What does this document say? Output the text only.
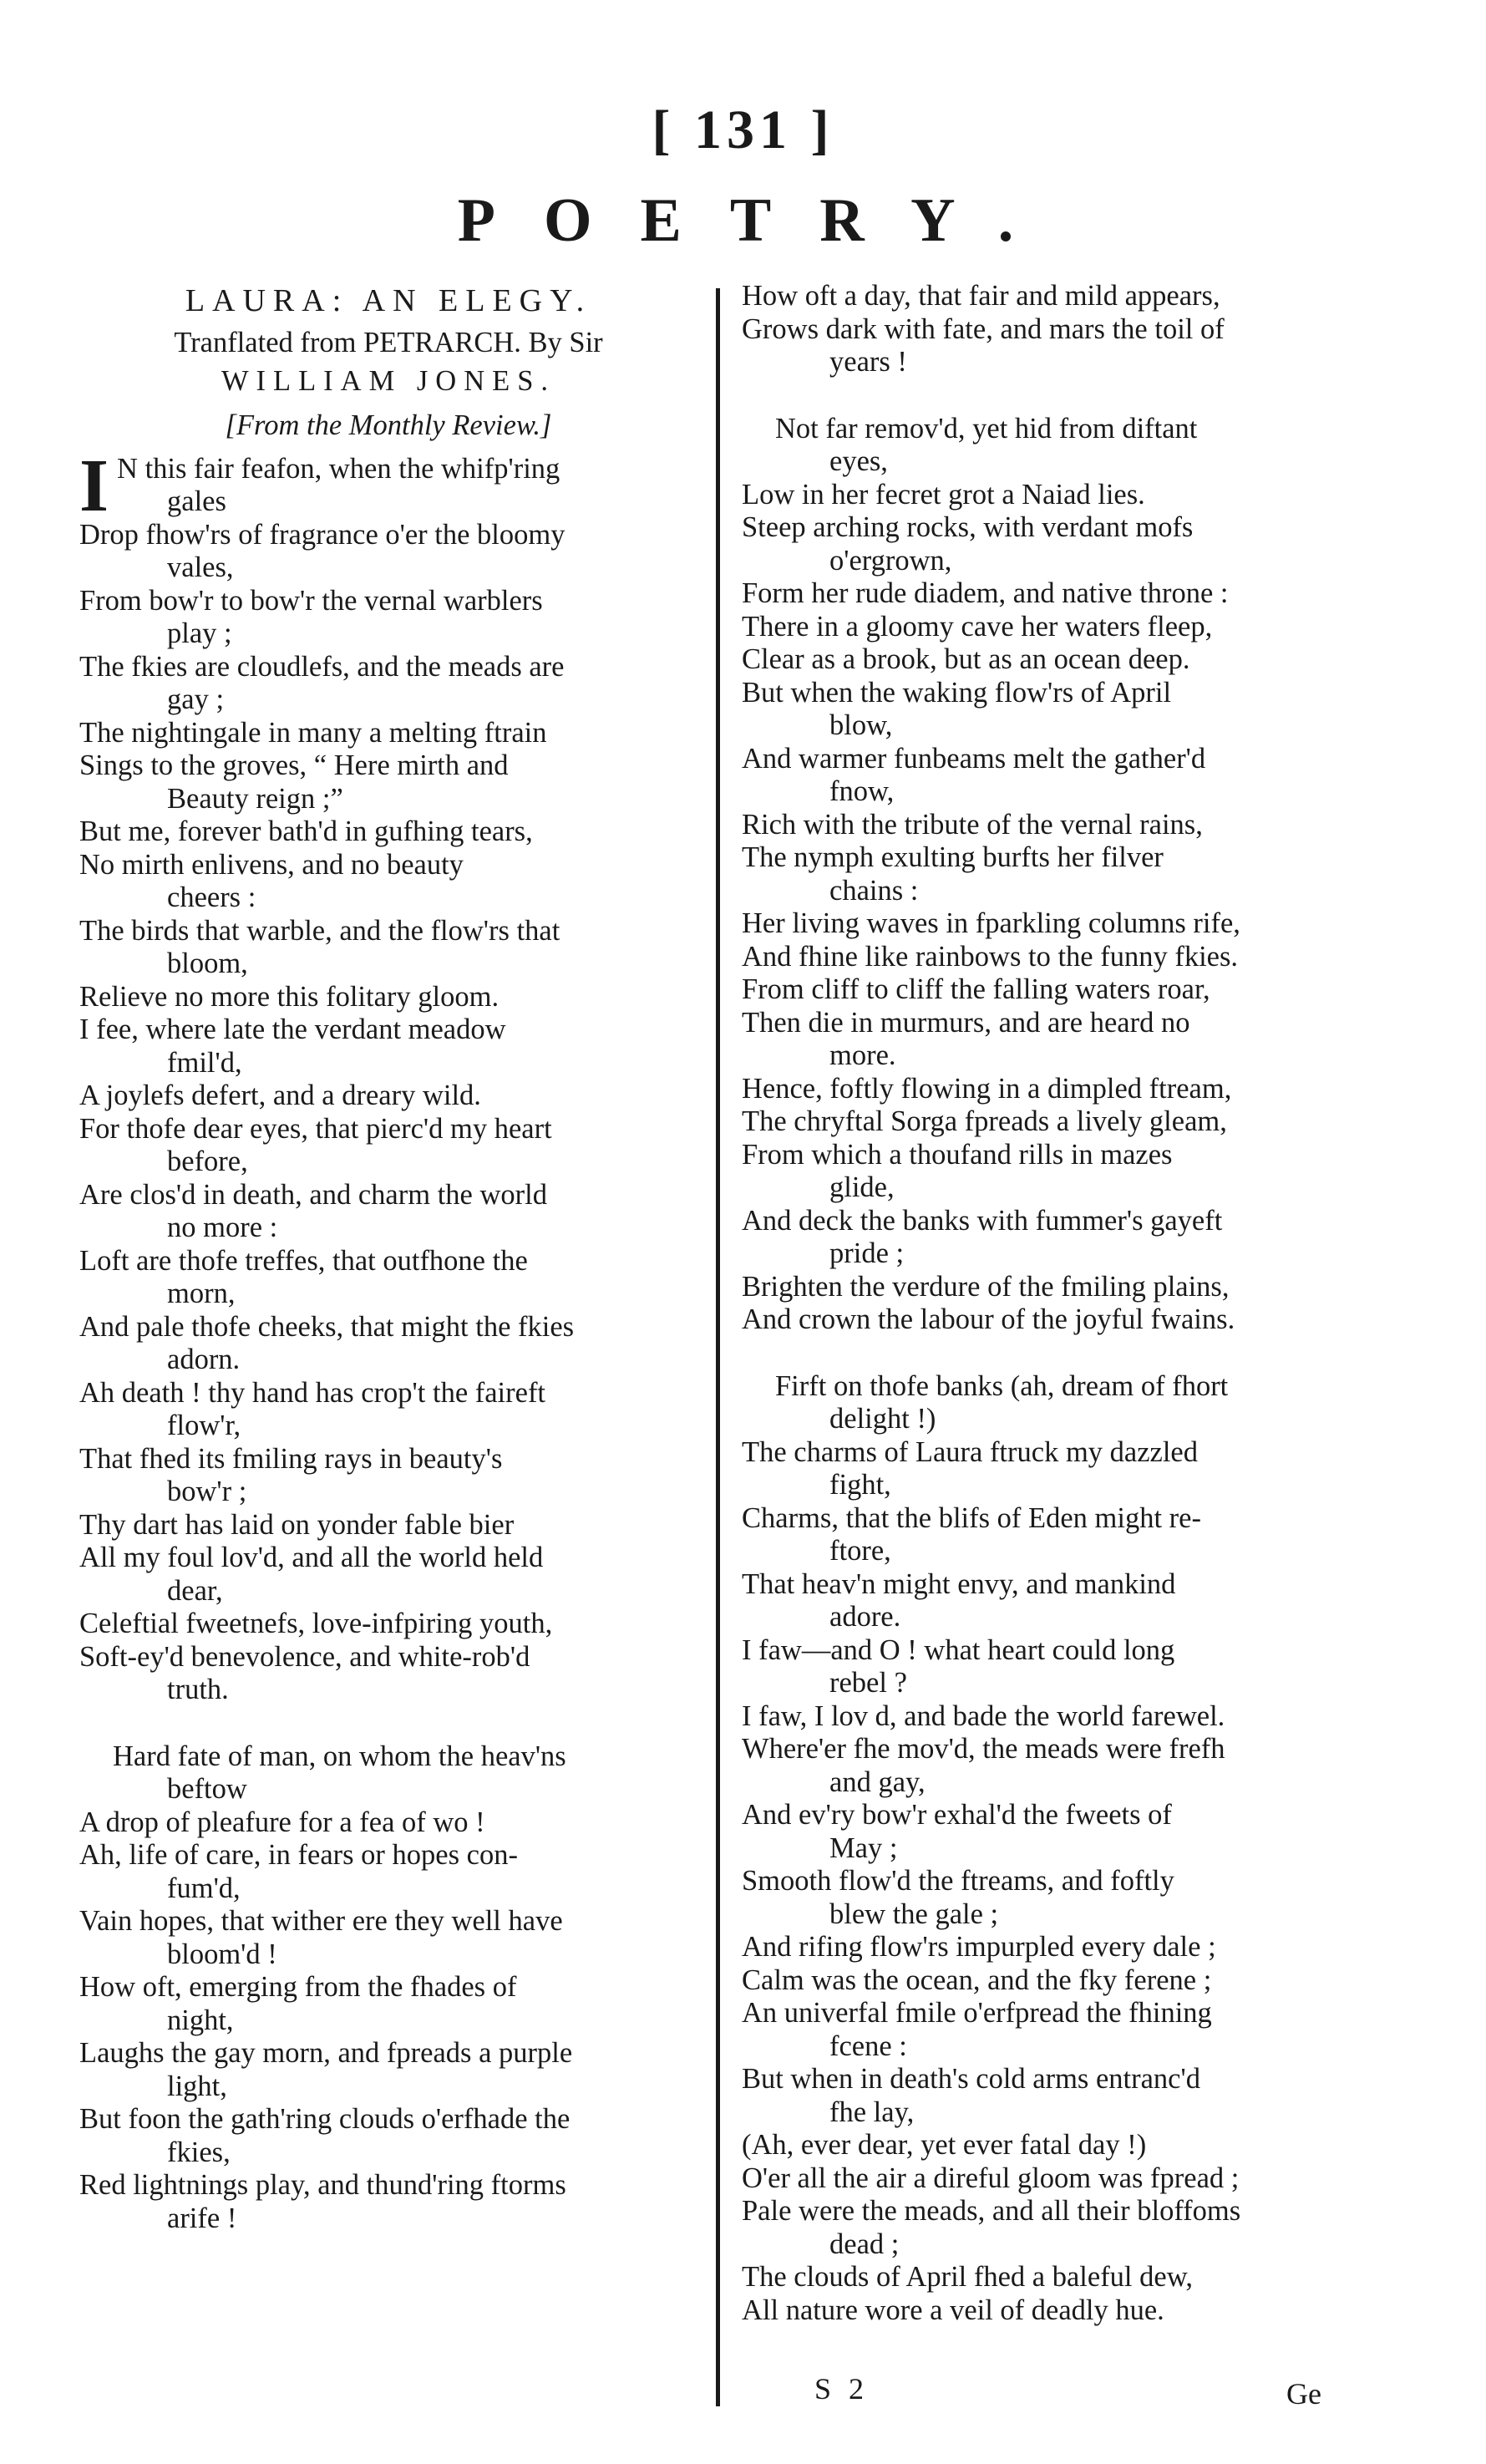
[ 131 ]
POETRY.
LAURA: AN ELEGY.
Tranflated from PETRARCH. By Sir
WILLIAM JONES.
[From the Monthly Review.]
I N this fair feafon, when the whifp'ring
gales
Drop fhow'rs of fragrance o'er the bloomy
vales,
From bow'r to bow'r the vernal warblers
play ;
The fkies are cloudlefs, and the meads are
gay ;
The nightingale in many a melting ftrain
Sings to the groves, “ Here mirth and
Beauty reign ;”
But me, forever bath'd in gufhing tears,
No mirth enlivens, and no beauty
cheers :
The birds that warble, and the flow'rs that
bloom,
Relieve no more this folitary gloom.
I fee, where late the verdant meadow
fmil'd,
A joylefs defert, and a dreary wild.
For thofe dear eyes, that pierc'd my heart
before,
Are clos'd in death, and charm the world
no more :
Loft are thofe treffes, that outfhone the
morn,
And pale thofe cheeks, that might the fkies
adorn.
Ah death ! thy hand has crop't the faireft
flow'r,
That fhed its fmiling rays in beauty's
bow'r ;
Thy dart has laid on yonder fable bier
All my foul lov'd, and all the world held
dear,
Celeftial fweetnefs, love-infpiring youth,
Soft-ey'd benevolence, and white-rob'd
truth.
Hard fate of man, on whom the heav'ns
beftow
A drop of pleafure for a fea of wo !
Ah, life of care, in fears or hopes con-
fum'd,
Vain hopes, that wither ere they well have
bloom'd !
How oft, emerging from the fhades of
night,
Laughs the gay morn, and fpreads a purple
light,
But foon the gath'ring clouds o'erfhade the
fkies,
Red lightnings play, and thund'ring ftorms
arife !
How oft a day, that fair and mild appears,
Grows dark with fate, and mars the toil of
years !
Not far remov'd, yet hid from diftant
eyes,
Low in her fecret grot a Naiad lies.
Steep arching rocks, with verdant mofs
o'ergrown,
Form her rude diadem, and native throne :
There in a gloomy cave her waters fleep,
Clear as a brook, but as an ocean deep.
But when the waking flow'rs of April
blow,
And warmer funbeams melt the gather'd
fnow,
Rich with the tribute of the vernal rains,
The nymph exulting burfts her filver
chains :
Her living waves in fparkling columns rife,
And fhine like rainbows to the funny fkies.
From cliff to cliff the falling waters roar,
Then die in murmurs, and are heard no
more.
Hence, foftly flowing in a dimpled ftream,
The chryftal Sorga fpreads a lively gleam,
From which a thoufand rills in mazes
glide,
And deck the banks with fummer's gayeft
pride ;
Brighten the verdure of the fmiling plains,
And crown the labour of the joyful fwains.
Firft on thofe banks (ah, dream of fhort
delight !)
The charms of Laura ftruck my dazzled
fight,
Charms, that the blifs of Eden might re-
ftore,
That heav'n might envy, and mankind
adore.
I faw—and O ! what heart could long
rebel ?
I faw, I lov d, and bade the world farewel.
Where'er fhe mov'd, the meads were frefh
and gay,
And ev'ry bow'r exhal'd the fweets of
May ;
Smooth flow'd the ftreams, and foftly
blew the gale ;
And rifing flow'rs impurpled every dale ;
Calm was the ocean, and the fky ferene ;
An univerfal fmile o'erfpread the fhining
fcene :
But when in death's cold arms entranc'd
fhe lay,
(Ah, ever dear, yet ever fatal day !)
O'er all the air a direful gloom was fpread ;
Pale were the meads, and all their bloffoms
dead ;
The clouds of April fhed a baleful dew,
All nature wore a veil of deadly hue.
S 2	Ge
